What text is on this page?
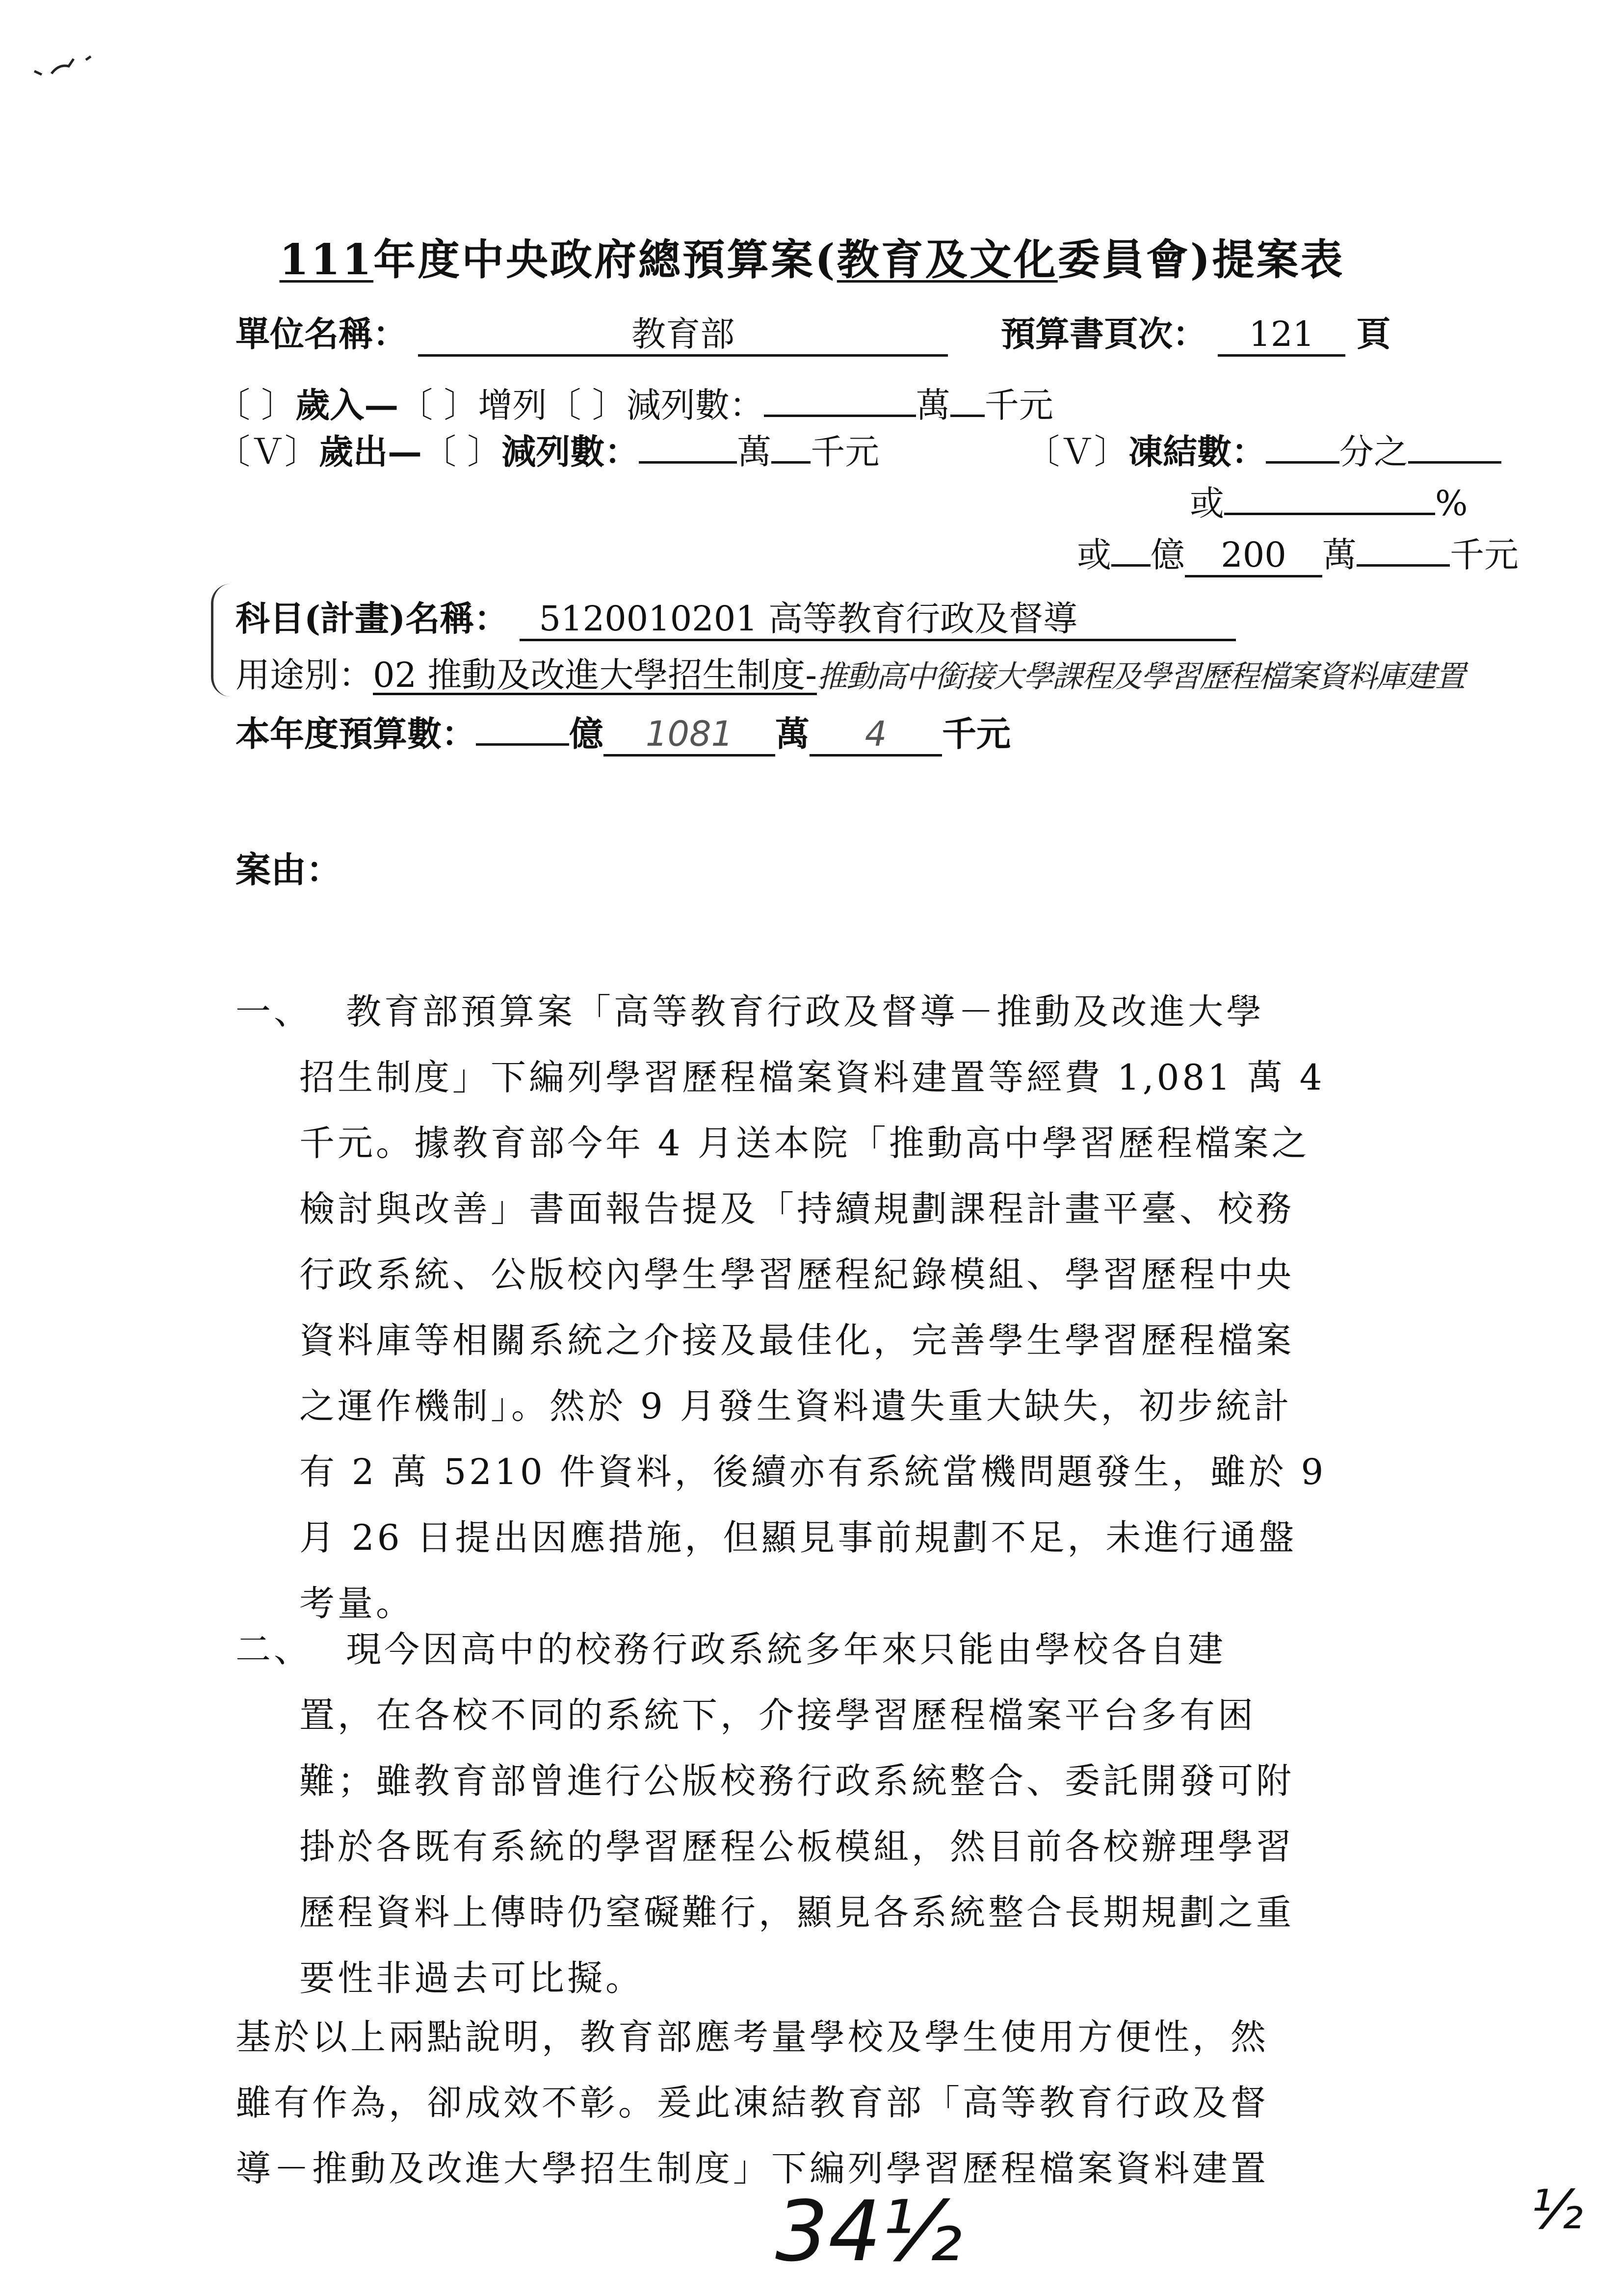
111年度中央政府總預算案(教育及文化委員會)提案表
單位名稱：	教育部	預算書頁次： 121 頁
〔 〕歲入—〔 〕增列〔 〕減列數：	萬 千元
〔Ｖ〕歲出—〔 〕減列數：	萬 千元	〔Ｖ〕凍結數： 分之
或	%
或 億 200 萬	千元
科目(計畫)名稱： 5120010201 高等教育行政及督導
用途別：02 推動及改進大學招生制度-推動高中銜接大學課程及學習歷程檔案資料庫建置
本年度預算數：	億 1081 萬 4 千元
案由：
一、 教育部預算案「高等教育行政及督導－推動及改進大學
招生制度」下編列學習歷程檔案資料建置等經費 1,081 萬 4
千元。據教育部今年 4 月送本院「推動高中學習歷程檔案之
檢討與改善」書面報告提及「持續規劃課程計畫平臺、校務
行政系統、公版校內學生學習歷程紀錄模組、學習歷程中央
資料庫等相關系統之介接及最佳化，完善學生學習歷程檔案
之運作機制」。然於 9 月發生資料遺失重大缺失，初步統計
有 2 萬 5210 件資料，後續亦有系統當機問題發生，雖於 9
月 26 日提出因應措施，但顯見事前規劃不足，未進行通盤
考量。
二、 現今因高中的校務行政系統多年來只能由學校各自建
置，在各校不同的系統下，介接學習歷程檔案平台多有困
難；雖教育部曾進行公版校務行政系統整合、委託開發可附
掛於各既有系統的學習歷程公板模組，然目前各校辦理學習
歷程資料上傳時仍窒礙難行，顯見各系統整合長期規劃之重
要性非過去可比擬。
基於以上兩點說明，教育部應考量學校及學生使用方便性，然
雖有作為，卻成效不彰。爰此凍結教育部「高等教育行政及督
導－推動及改進大學招生制度」下編列學習歷程檔案資料建置
34½	½
